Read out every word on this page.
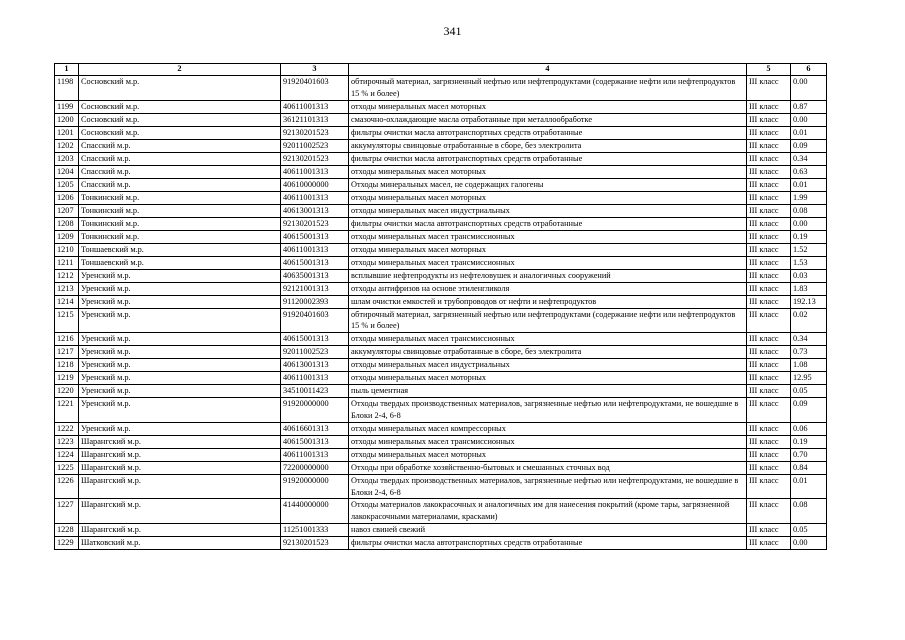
341
1	2	3	4	5	6
1198	Сосновский м.р.	91920401603	обтирочный материал, загрязненный нефтью или нефтепродуктами (содержание нефти или нефтепродуктов 15 % и более)	III класс	0.00
1199	Сосновский м.р.	40611001313	отходы минеральных масел моторных	III класс	0.87
1200	Сосновский м.р.	36121101313	смазочно-охлаждающие масла отработанные при металлообработке	III класс	0.00
1201	Сосновский м.р.	92130201523	фильтры очистки масла автотранспортных средств отработанные	III класс	0.01
1202	Спасский м.р.	92011002523	аккумуляторы свинцовые отработанные в сборе, без электролита	III класс	0.09
1203	Спасский м.р.	92130201523	фильтры очистки масла автотранспортных средств отработанные	III класс	0.34
1204	Спасский м.р.	40611001313	отходы минеральных масел моторных	III класс	0.63
1205	Спасский м.р.	40610000000	Отходы минеральных масел, не содержащих галогены	III класс	0.01
1206	Тонкинский м.р.	40611001313	отходы минеральных масел моторных	III класс	1.99
1207	Тонкинский м.р.	40613001313	отходы минеральных масел индустриальных	III класс	0.08
1208	Тонкинский м.р.	92130201523	фильтры очистки масла автотранспортных средств отработанные	III класс	0.00
1209	Тонкинский м.р.	40615001313	отходы минеральных масел трансмиссионных	III класс	0.19
1210	Тоншаевский м.р.	40611001313	отходы минеральных масел моторных	III класс	1.52
1211	Тоншаевский м.р.	40615001313	отходы минеральных масел трансмиссионных	III класс	1.53
1212	Уренский м.р.	40635001313	всплывшие нефтепродукты из нефтеловушек и аналогичных сооружений	III класс	0.03
1213	Уренский м.р.	92121001313	отходы антифризов на основе этиленгликоля	III класс	1.83
1214	Уренский м.р.	91120002393	шлам очистки емкостей и трубопроводов от нефти и нефтепродуктов	III класс	192.13
1215	Уренский м.р.	91920401603	обтирочный материал, загрязненный нефтью или нефтепродуктами (содержание нефти или нефтепродуктов 15 % и более)	III класс	0.02
1216	Уренский м.р.	40615001313	отходы минеральных масел трансмиссионных	III класс	0.34
1217	Уренский м.р.	92011002523	аккумуляторы свинцовые отработанные в сборе, без электролита	III класс	0.73
1218	Уренский м.р.	40613001313	отходы минеральных масел индустриальных	III класс	1.08
1219	Уренский м.р.	40611001313	отходы минеральных масел моторных	III класс	12.95
1220	Уренский м.р.	34510011423	пыль цементная	III класс	0.05
1221	Уренский м.р.	91920000000	Отходы твердых производственных материалов, загрязненные нефтью или нефтепродуктами, не вошедшие в Блоки 2-4, 6-8	III класс	0.09
1222	Уренский м.р.	40616601313	отходы минеральных масел компрессорных	III класс	0.06
1223	Шарангский м.р.	40615001313	отходы минеральных масел трансмиссионных	III класс	0.19
1224	Шарангский м.р.	40611001313	отходы минеральных масел моторных	III класс	0.70
1225	Шарангский м.р.	72200000000	Отходы при обработке хозяйственно-бытовых и смешанных сточных вод	III класс	0.84
1226	Шарангский м.р.	91920000000	Отходы твердых производственных материалов, загрязненные нефтью или нефтепродуктами, не вошедшие в Блоки 2-4, 6-8	III класс	0.01
1227	Шарангский м.р.	41440000000	Отходы материалов лакокрасочных и аналогичных им для нанесения покрытий (кроме тары, загрязненной лакокрасочными материалами, красками)	III класс	0.08
1228	Шарангский м.р.	11251001333	навоз свиней свежий	III класс	0.05
1229	Шатковский м.р.	92130201523	фильтры очистки масла автотранспортных средств отработанные	III класс	0.00
